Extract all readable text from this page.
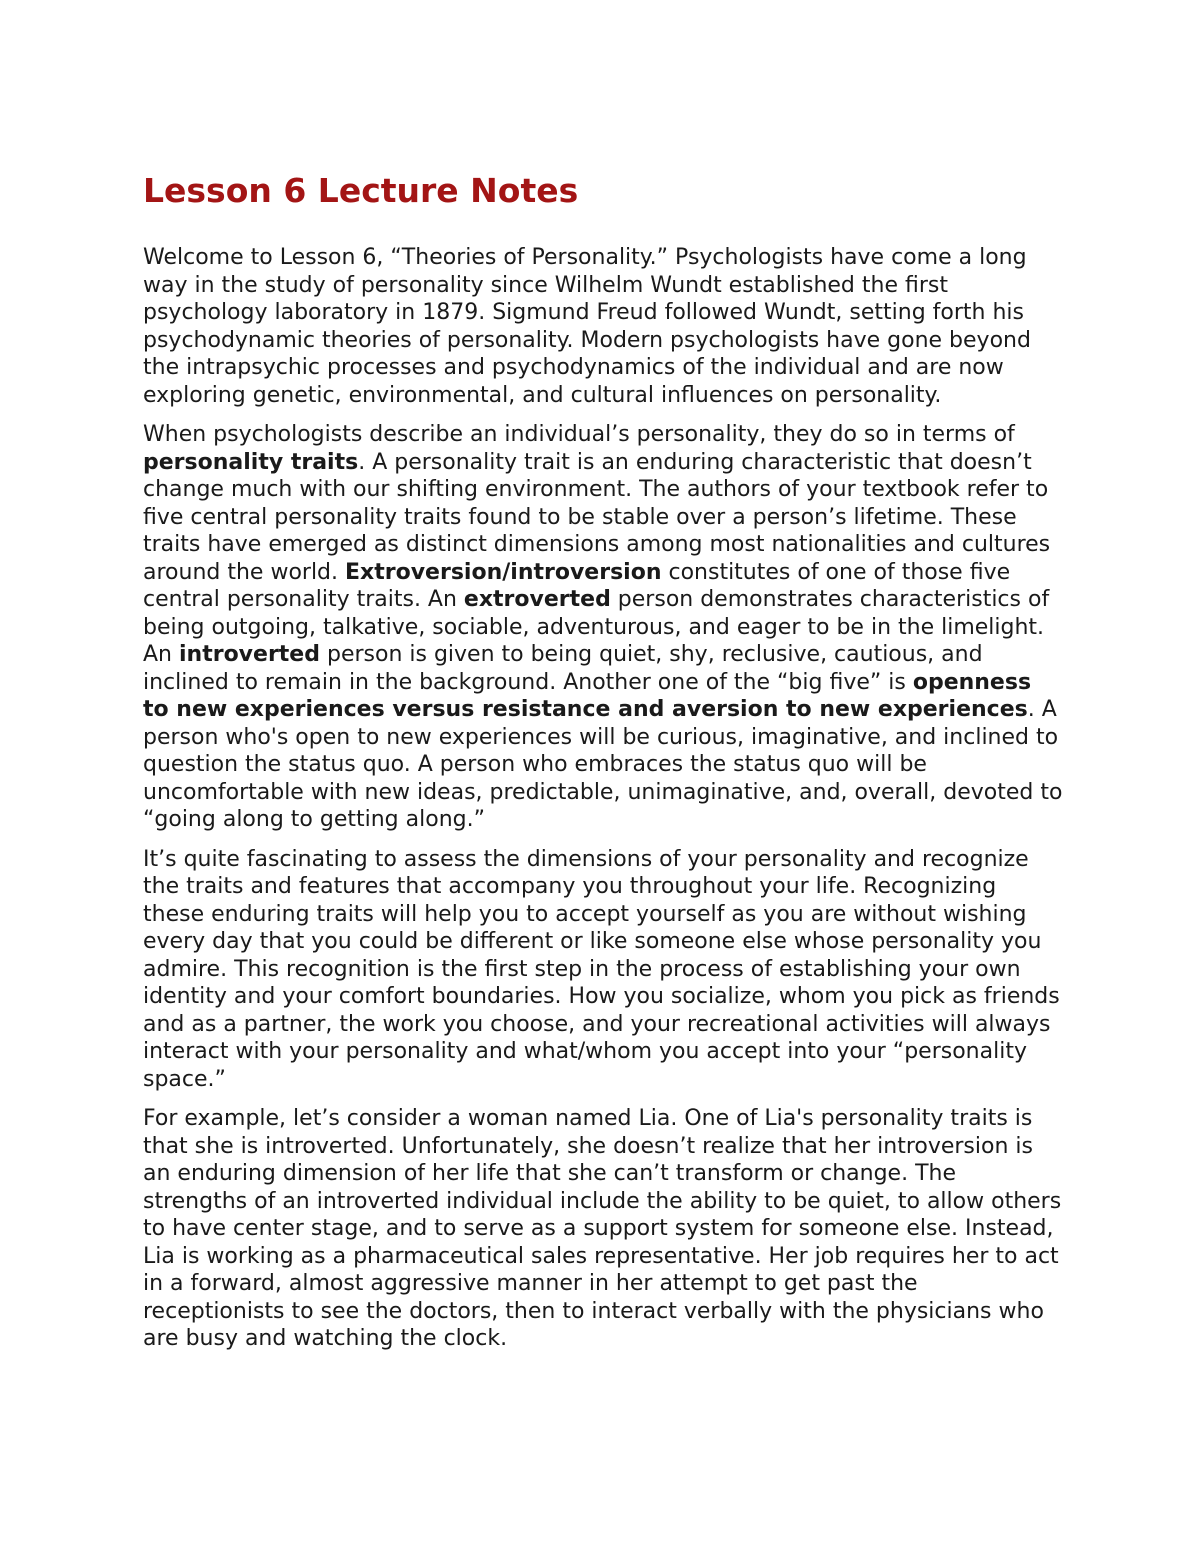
Lesson 6 Lecture Notes

Welcome to Lesson 6, “Theories of Personality.” Psychologists have come a long way in the study of personality since Wilhelm Wundt established the first psychology laboratory in 1879. Sigmund Freud followed Wundt, setting forth his psychodynamic theories of personality. Modern psychologists have gone beyond the intrapsychic processes and psychodynamics of the individual and are now exploring genetic, environmental, and cultural influences on personality.

When psychologists describe an individual’s personality, they do so in terms of personality traits. A personality trait is an enduring characteristic that doesn’t change much with our shifting environment. The authors of your textbook refer to five central personality traits found to be stable over a person’s lifetime. These traits have emerged as distinct dimensions among most nationalities and cultures around the world. Extroversion/introversion constitutes of one of those five central personality traits. An extroverted person demonstrates characteristics of being outgoing, talkative, sociable, adventurous, and eager to be in the limelight. An introverted person is given to being quiet, shy, reclusive, cautious, and inclined to remain in the background. Another one of the “big five” is openness to new experiences versus resistance and aversion to new experiences. A person who's open to new experiences will be curious, imaginative, and inclined to question the status quo. A person who embraces the status quo will be uncomfortable with new ideas, predictable, unimaginative, and, overall, devoted to “going along to getting along.”

It’s quite fascinating to assess the dimensions of your personality and recognize the traits and features that accompany you throughout your life. Recognizing these enduring traits will help you to accept yourself as you are without wishing every day that you could be different or like someone else whose personality you admire. This recognition is the first step in the process of establishing your own identity and your comfort boundaries. How you socialize, whom you pick as friends and as a partner, the work you choose, and your recreational activities will always interact with your personality and what/whom you accept into your “personality space.”

For example, let’s consider a woman named Lia. One of Lia's personality traits is that she is introverted. Unfortunately, she doesn’t realize that her introversion is an enduring dimension of her life that she can’t transform or change. The strengths of an introverted individual include the ability to be quiet, to allow others to have center stage, and to serve as a support system for someone else. Instead, Lia is working as a pharmaceutical sales representative. Her job requires her to act in a forward, almost aggressive manner in her attempt to get past the receptionists to see the doctors, then to interact verbally with the physicians who are busy and watching the clock.
